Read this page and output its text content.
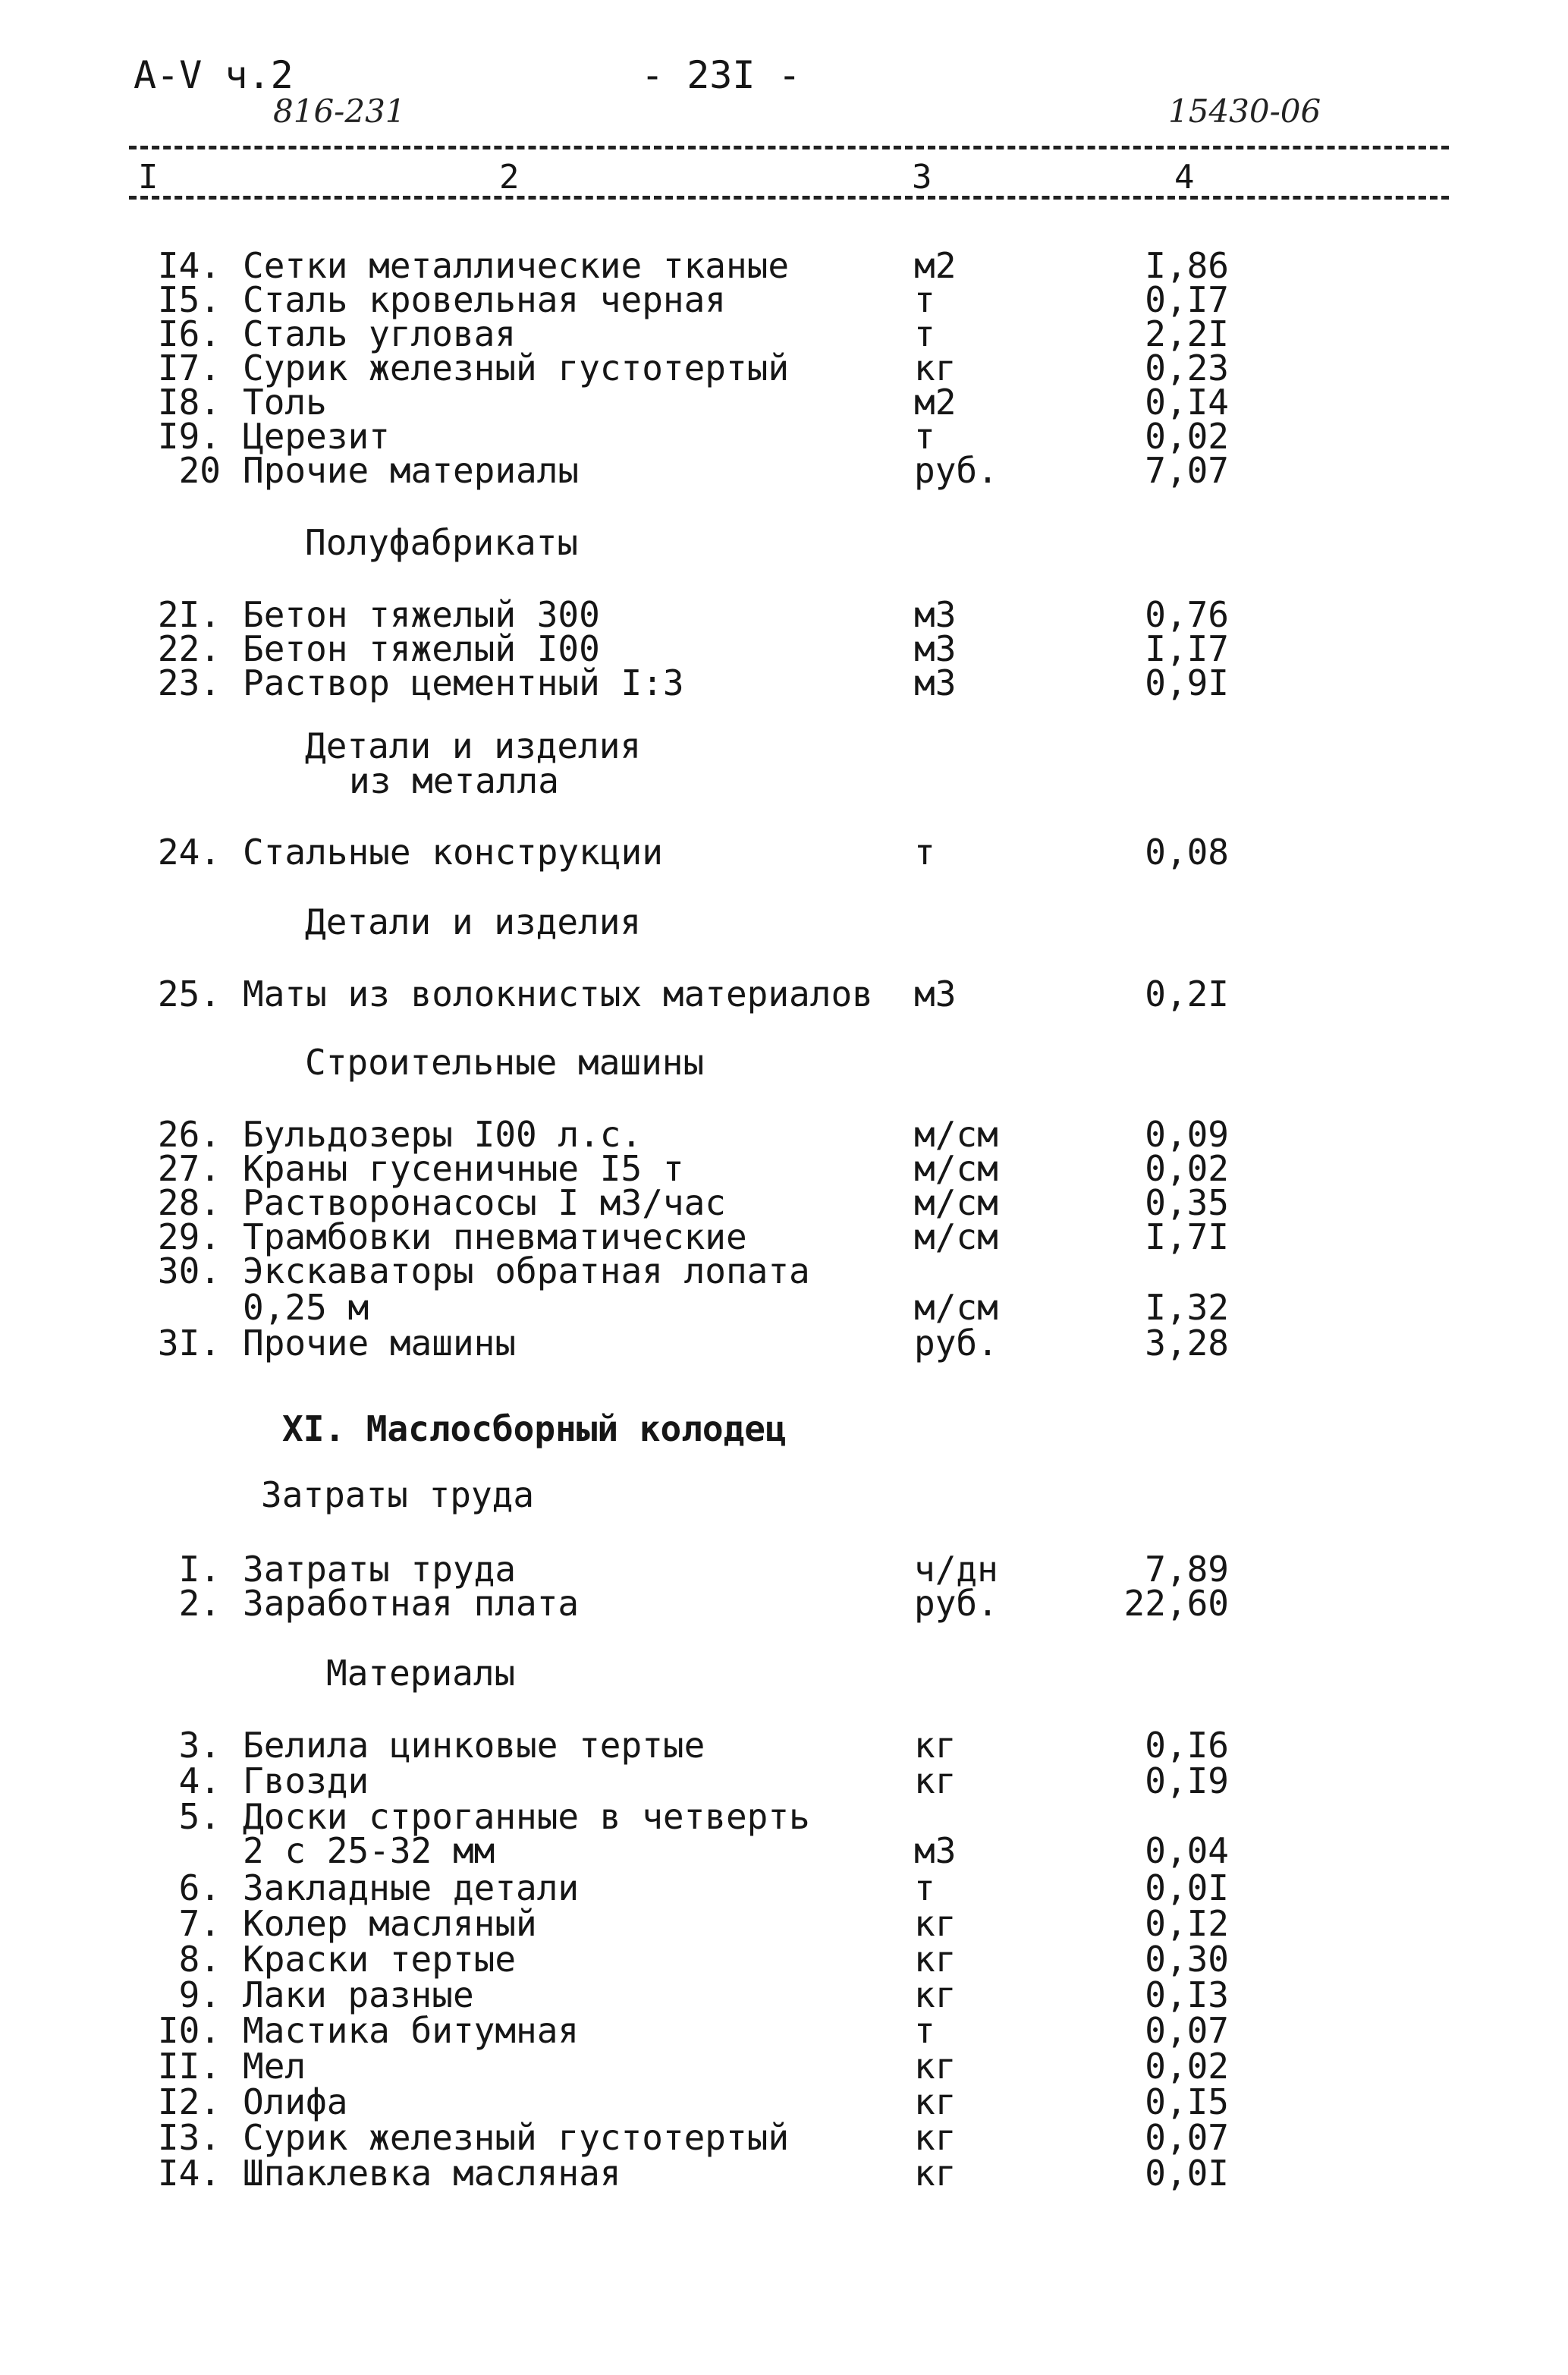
А-V ч.2	- 23I -
816-231	15430-06
I	2	3	4
Полуфабрикаты
Детали и изделия
из металла
Детали и изделия
Строительные машины
XI. Маслосборный колодец
Затраты труда
Материалы
I4. Сетки металлические тканые	м2	I,86
I5. Сталь кровельная черная	т	0,I7
I6. Сталь угловая	т	2,2I
I7. Сурик железный густотертый	кг	0,23
I8. Толь	м2	0,I4
I9. Церезит	т	0,02
20 Прочие материалы	руб.	7,07
2I. Бетон тяжелый 300	м3	0,76
22. Бетон тяжелый I00	м3	I,I7
23. Раствор цементный I:3	м3	0,9I
24. Стальные конструкции	т	0,08
25. Маты из волокнистых материалов м3	0,2I
26. Бульдозеры I00 л.с.	м/см	0,09
27. Краны гусеничные I5 т	м/см	0,02
28. Растворонасосы I м3/час	м/см	0,35
29. Трамбовки пневматические	м/см	I,7I
30. Экскаваторы обратная лопата
0,25 м	м/см	I,32
3I. Прочие машины	руб.	3,28
I. Затраты труда	ч/дн	7,89
2. Заработная плата	руб.	22,60
3. Белила цинковые тертые	кг	0,I6
4. Гвозди	кг	0,I9
5. Доски строганные в четверть
2 с 25-32 мм	м3	0,04
6. Закладные детали	т	0,0I
7. Колер масляный	кг	0,I2
8. Краски тертые	кг	0,30
9. Лаки разные	кг	0,I3
I0. Мастика битумная	т	0,07
II. Мел	кг	0,02
I2. Олифа	кг	0,I5
I3. Сурик железный густотертый	кг	0,07
I4. Шпаклевка масляная	кг	0,0I
